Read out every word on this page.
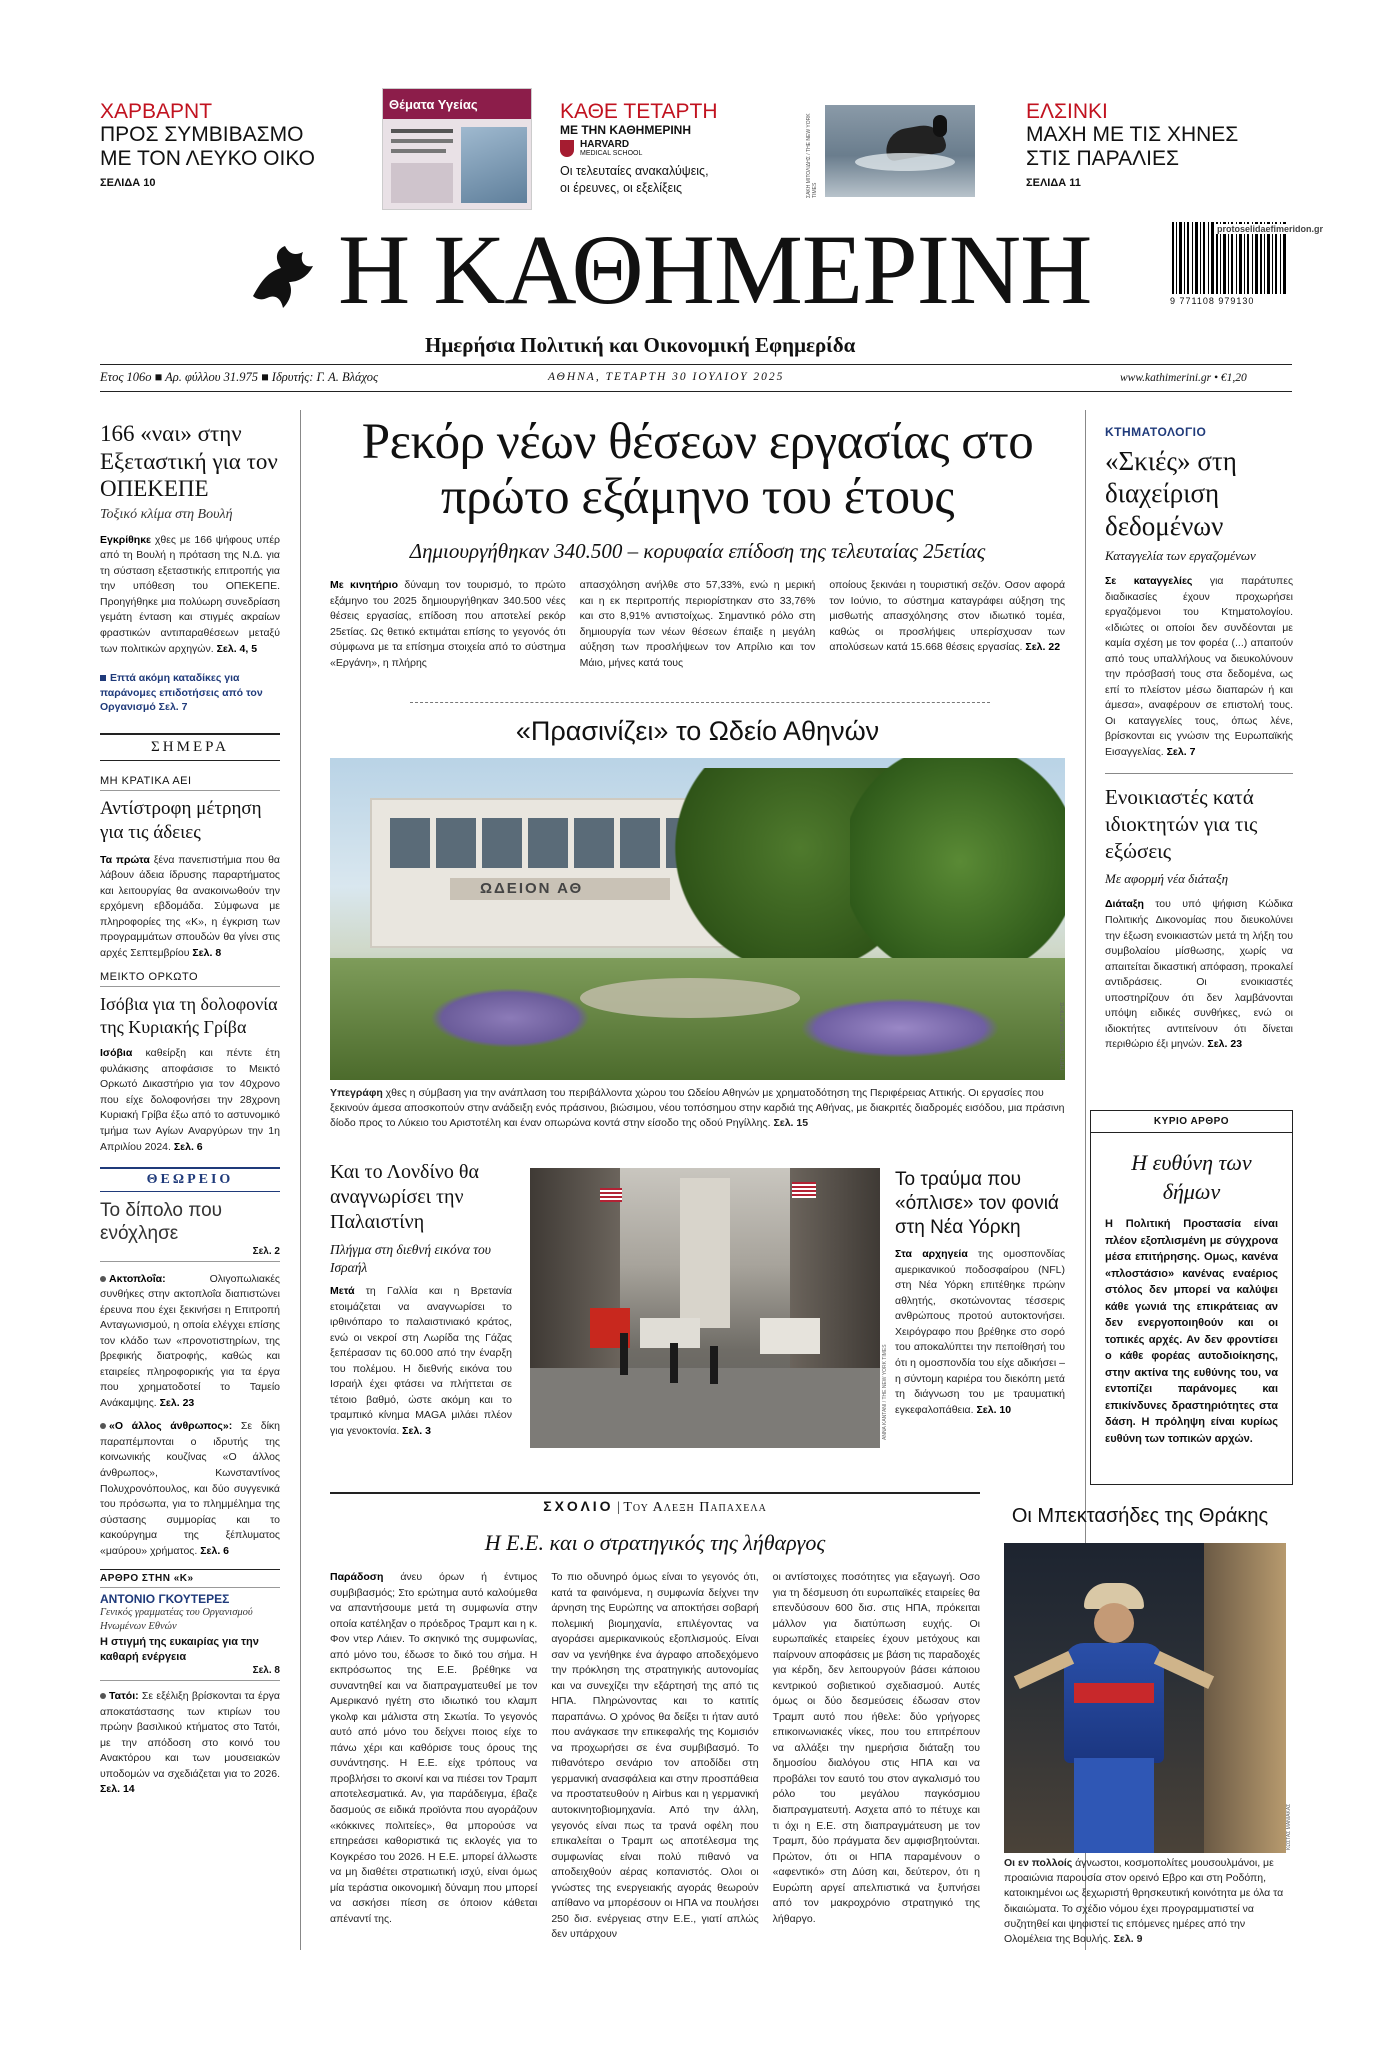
ΧΑΡΒΑΡΝΤ
ΠΡΟΣ ΣΥΜΒΙΒΑΣΜΟ
ΜΕ ΤΟΝ ΛΕΥΚΟ ΟΙΚΟ
ΣΕΛΙΔΑ 10
Θέματα Υγείας	ΚΑΘΕ ΤΕΤΑΡΤΗ
ΜΕ ΤΗΝ ΚΑΘΗΜΕΡΙΝΗ
HARVARD
MEDICAL SCHOOL
Οι τελευταίες ανακαλύψεις,
οι έρευνες, οι εξελίξεις	ΣΑΚΗ ΜΙΤΟΛΙΔΗΣ / THE NEW YORK TIMES
ΕΛΣΙΝΚΙ
ΜΑΧΗ ΜΕ ΤΙΣ ΧΗΝΕΣ
ΣΤΙΣ ΠΑΡΑΛΙΕΣ
ΣΕΛΙΔΑ 11
Η ΚΑΘΗΜΕΡΙΝΗ	9 771108 979130
protoselidaefimeridon.gr
Ημερήσια Πολιτική και Οικονομική Εφημερίδα
Ετος 106ο ■ Αρ. φύλλου 31.975 ■ Ιδρυτής: Γ. Α. Βλάχος	ΑΘΗΝΑ, ΤΕΤΑΡΤΗ 30 ΙΟΥΛΙΟΥ 2025	www.kathimerini.gr • €1,20
166 «ναι» στην Εξεταστική για τον ΟΠΕΚΕΠΕ
Τοξικό κλίμα στη Βουλή
Εγκρίθηκε χθες με 166 ψήφους υπέρ από τη Βουλή η πρόταση της Ν.Δ. για τη σύσταση εξεταστικής επιτροπής για την υπόθεση του ΟΠΕΚΕΠΕ. Προηγήθηκε μια πολύωρη συνεδρίαση γεμάτη ένταση και στιγμές ακραίων φραστικών αντιπαραθέσεων μεταξύ των πολιτικών αρχηγών. Σελ. 4, 5
Επτά ακόμη καταδίκες για παράνομες επιδοτήσεις από τον Οργανισμό Σελ. 7
ΣΗΜΕΡΑ
ΜΗ ΚΡΑΤΙΚΑ ΑΕΙ
Αντίστροφη μέτρηση για τις άδειες
Τα πρώτα ξένα πανεπιστήμια που θα λάβουν άδεια ίδρυσης παραρτήματος και λειτουργίας θα ανακοινωθούν την ερχόμενη εβδομάδα. Σύμφωνα με πληροφορίες της «Κ», η έγκριση των προγραμμάτων σπουδών θα γίνει στις αρχές Σεπτεμβρίου Σελ. 8
ΜΕΙΚΤΟ ΟΡΚΩΤΟ
Ισόβια για τη δολοφονία της Κυριακής Γρίβα
Ισόβια καθείρξη και πέντε έτη φυλάκισης αποφάσισε το Μεικτό Ορκωτό Δικαστήριο για τον 40χρονο που είχε δολοφονήσει την 28χρονη Κυριακή Γρίβα έξω από το αστυνομικό τμήμα των Αγίων Αναργύρων την 1η Απριλίου 2024. Σελ. 6
ΘΕΩΡΕΙΟ
Το δίπολο που ενόχλησε
Σελ. 2
Ακτοπλοΐα:	Ολιγοπωλιακές συνθήκες στην ακτοπλοΐα διαπιστώνει έρευνα που έχει ξεκινήσει η Επιτροπή Ανταγωνισμού, η οποία ελέγχει επίσης τον κλάδο των «προνοτιστηρίων, της βρεφικής διατροφής, καθώς και εταιρείες πληροφορικής για τα έργα που χρηματοδοτεί το Ταμείο Ανάκαμψης. Σελ. 23
«Ο άλλος άνθρωπος»: Σε δίκη παραπέμπονται ο ιδρυτής της κοινωνικής κουζίνας «Ο άλλος άνθρωπος», Κωνσταντίνος Πολυχρονόπουλος, και δύο συγγενικά του πρόσωπα, για το πλημμέλημα της σύστασης συμμορίας και το κακούργημα της ξέπλυματος «μαύρου» χρήματος. Σελ. 6
ΑΡΘΡΟ ΣΤΗΝ «Κ»
ΑΝΤΟΝΙΟ ΓΚΟΥΤΕΡΕΣ
Γενικός γραμματέας του Οργανισμού Ηνωμένων Εθνών
Η στιγμή της ευκαιρίας για την καθαρή ενέργεια
Σελ. 8
Τατόι: Σε εξέλιξη βρίσκονται τα έργα αποκατάστασης των κτιρίων του πρώην βασιλικού κτήματος στο Τατόι, με την απόδοση στο κοινό του Ανακτόρου και των μουσειακών υποδομών να σχεδιάζεται για το 2026. Σελ. 14
Ρεκόρ νέων θέσεων εργασίας στο πρώτο εξάμηνο του έτους
Δημιουργήθηκαν 340.500 – κορυφαία επίδοση της τελευταίας 25ετίας
Με κινητήριο δύναμη τον τουρισμό, το πρώτο εξάμηνο του 2025 δημιουργήθηκαν 340.500 νέες θέσεις εργασίας, επίδοση που αποτελεί ρεκόρ 25ετίας. Ως θετικό εκτιμάται επίσης το γεγονός ότι σύμφωνα με τα επίσημα στοιχεία από το σύστημα «Εργάνη», η πλήρης
απασχόληση ανήλθε στο 57,33%, ενώ η μερική και η εκ περιτροπής περιορίστηκαν στο 33,76% και στο 8,91% αντιστοίχως. Σημαντικό ρόλο στη δημιουργία των νέων θέσεων έπαιξε η μεγάλη αύξηση των προσλήψεων τον Απρίλιο και τον Μάιο, μήνες κατά τους
οποίους ξεκινάει η τουριστική σεζόν. Οσον αφορά τον Ιούνιο, το σύστημα καταγράφει αύξηση της μισθωτής απασχόλησης στον ιδιωτικό τομέα, καθώς οι προσλήψεις υπερίσχυσαν των απολύσεων κατά 15.668 θέσεις εργασίας. Σελ. 22
«Πρασινίζει» το Ωδείο Αθηνών
ΩΔΕΙΟΝ ΑΘ
ΠΗΓΗ: ΠΕΡΙΦΕΡΕΙΑ ΑΤΤΙΚΗΣ
Υπεγράφη χθες η σύμβαση για την ανάπλαση του περιβάλλοντα χώρου του Ωδείου Αθηνών με χρηματοδότηση της Περιφέρειας Αττικής. Οι εργασίες που ξεκινούν άμεσα αποσκοπούν στην ανάδειξη ενός πράσινου, βιώσιμου, νέου τοπόσημου στην καρδιά της Αθήνας, με διακριτές διαδρομές εισόδου, μια πράσινη δίοδο προς το Λύκειο του Αριστοτέλη και έναν οπωρώνα κοντά στην είσοδο της οδού Ρηγίλλης. Σελ. 15
Και το Λονδίνο θα αναγνωρίσει την Παλαιστίνη
Πλήγμα στη διεθνή εικόνα του Ισραήλ
Μετά τη Γαλλία και η Βρετανία ετοιμάζεται να αναγνωρίσει το ιρθινόπαρο το παλαιστινιακό κράτος, ενώ οι νεκροί στη Λωρίδα της Γάζας ξεπέρασαν τις 60.000 από την έναρξη του πολέμου. Η διεθνής εικόνα του Ισραήλ έχει φτάσει να πλήττεται σε τέτοιο βαθμό, ώστε ακόμη και το τραμπικό κίνημα MAGA μιλάει πλέον για γενοκτονία. Σελ. 3	ΑΝΝΑ ΚΑΝΤΑΝΙ / THE NEW YORK TIMES
Το τραύμα που «όπλισε» τον φονιά στη Νέα Υόρκη
Στα αρχηγεία της ομοσπονδίας αμερικανικού ποδοσφαίρου (NFL) στη Νέα Υόρκη επιτέθηκε πρώην αθλητής, σκοτώνοντας τέσσερις ανθρώπους προτού αυτοκτονήσει. Χειρόγραφο που βρέθηκε στο σορό του αποκαλύπτει την πεποίθησή του ότι η ομοσπονδία του είχε αδικήσει – η σύντομη καριέρα του διεκόπη μετά τη διάγνωση του με τραυματική εγκεφαλοπάθεια. Σελ. 10
ΚΤΗΜΑΤΟΛΟΓΙΟ
«Σκιές» στη διαχείριση δεδομένων
Καταγγελία των εργαζομένων
Σε καταγγελίες για παράτυπες διαδικασίες έχουν προχωρήσει εργαζόμενοι του Κτηματολογίου. «Ιδιώτες οι οποίοι δεν συνδέονται με καμία σχέση με τον φορέα (...) απαιτούν από τους υπαλλήλους να διευκολύνουν την πρόσβασή τους στα δεδομένα, ως επί το πλείστον μέσω διαπαρών ή και άμεσα», αναφέρουν σε επιστολή τους. Οι καταγγελίες τους, όπως λένε, βρίσκονται εις γνώσιν της Ευρωπαϊκής Εισαγγελίας. Σελ. 7
Ενοικιαστές κατά ιδιοκτητών για τις εξώσεις
Με αφορμή νέα διάταξη
Διάταξη του υπό ψήφιση Κώδικα Πολιτικής Δικονομίας που διευκολύνει την έξωση ενοικιαστών μετά τη λήξη του συμβολαίου μίσθωσης, χωρίς να απαιτείται δικαστική απόφαση, προκαλεί αντιδράσεις. Οι ενοικιαστές υποστηρίζουν ότι δεν λαμβάνονται υπόψη ειδικές συνθήκες, ενώ οι ιδιοκτήτες αντιτείνουν ότι δίνεται περιθώριο έξι μηνών. Σελ. 23
ΚΥΡΙΟ ΑΡΘΡΟ
Η ευθύνη των δήμων
Η Πολιτική Προστασία είναι πλέον εξοπλισμένη με σύγχρονα μέσα επιτήρησης. Ομως, κανένα «πλοστάσιο» κανένας εναέριος στόλος δεν μπορεί να καλύψει κάθε γωνιά της επικράτειας αν δεν ενεργοποιηθούν και οι τοπικές αρχές. Αν δεν φροντίσει ο κάθε φορέας αυτοδιοίκησης, στην ακτίνα της ευθύνης του, να εντοπίζει παράνομες και επικίνδυνες δραστηριότητες στα δάση. Η πρόληψη είναι κυρίως ευθύνη των τοπικών αρχών.
ΣΧΟΛΙΟ | Του Αλεξη Παπαχελα
Η Ε.Ε. και ο στρατηγικός της λήθαργος
Παράδοση άνευ όρων ή έντιμος συμβιβασμός; Στο ερώτημα αυτό καλούμεθα να απαντήσουμε μετά τη συμφωνία στην οποία κατέληξαν ο πρόεδρος Τραμπ και η κ. Φον ντερ Λάιεν. Το σκηνικό της συμφωνίας, από μόνο του, έδωσε το δικό του σήμα. Η εκπρόσωπος της Ε.Ε. βρέθηκε να συναντηθεί και να διαπραγματευθεί με τον Αμερικανό ηγέτη στο ιδιωτικό του κλαμπ γκολφ και μάλιστα στη Σκωτία. Το γεγονός αυτό από μόνο του δείχνει ποιος είχε το πάνω χέρι και καθόρισε τους όρους της συνάντησης. Η Ε.Ε. είχε τρόπους να προβλήσει το σκοινί και να πιέσει τον Τραμπ αποτελεσματικά. Αν, για παράδειγμα, έβαζε δασμούς σε ειδικά προϊόντα που αγοράζουν «κόκκινες πολιτείες», θα μπορούσε να επηρεάσει καθοριστικά τις εκλογές για το Κογκρέσο του 2026. Η Ε.Ε. μπορεί άλλωστε να μη διαθέτει στρατιωτική ισχύ, είναι όμως μία τεράστια οικονομική δύναμη που μπορεί να ασκήσει πίεση σε όποιον κάθεται απέναντί της.
Το πιο οδυνηρό όμως είναι το γεγονός ότι, κατά τα φαινόμενα, η συμφωνία δείχνει την άρνηση της Ευρώπης να αποκτήσει σοβαρή πολεμική βιομηχανία, επιλέγοντας να αγοράσει αμερικανικούς εξοπλισμούς. Είναι σαν να γενήθηκε ένα άγραφο αποδεχόμενο την πρόκληση της στρατηγικής αυτονομίας και να συνεχίζει την εξάρτησή της από τις ΗΠΑ. Πληρώνοντας και το κατιτίς παραπάνω. Ο χρόνος θα δείξει τι ήταν αυτό που ανάγκασε την επικεφαλής της Κομισιόν να προχωρήσει σε ένα συμβιβασμό. Το πιθανότερο σενάριο τον αποδίδει στη γερμανική ανασφάλεια και στην προσπάθεια να προστατευθούν η Airbus και η γερμανική αυτοκινητοβιομηχανία. Από την άλλη, γεγονός είναι πως τα τρανά οφέλη που επικαλείται ο Τραμπ ως αποτέλεσμα της συμφωνίας είναι πολύ πιθανό να αποδειχθούν αέρας κοπανιστός. Ολοι οι γνώστες της ενεργειακής αγοράς θεωρούν απίθανο να μπορέσουν οι ΗΠΑ να πουλήσει 250 δισ. ενέργειας στην Ε.Ε., γιατί απλώς δεν υπάρχουν
οι αντίστοιχες ποσότητες για εξαγωγή. Οσο για τη δέσμευση ότι ευρωπαϊκές εταιρείες θα επενδύσουν 600 δισ. στις ΗΠΑ, πρόκειται μάλλον για διατύπωση ευχής. Οι ευρωπαϊκές εταιρείες έχουν μετόχους και παίρνουν αποφάσεις με βάση τις παραδοχές για κέρδη, δεν λειτουργούν βάσει κάποιου κεντρικού σοβιετικού σχεδιασμού. Αυτές όμως οι δύο δεσμεύσεις έδωσαν στον Τραμπ αυτό που ήθελε: δύο γρήγορες επικοινωνιακές νίκες, που του επιτρέπουν να αλλάξει την ημερήσια διάταξη του δημοσίου διαλόγου στις ΗΠΑ και να προβάλει τον εαυτό του στον αγκαλισμό του ρόλο του μεγάλου παγκόσμιου διαπραγματευτή. Ασχετα από το πέτυχε και τι όχι η Ε.Ε. στη διαπραγμάτευση με τον Τραμπ, δύο πράγματα δεν αμφισβητούνται. Πρώτον, ότι οι ΗΠΑ παραμένουν ο «αφεντικό» στη Δύση και, δεύτερον, ότι η Ευρώπη αργεί απελπιστικά να ξυπνήσει από τον μακροχρόνιο στρατηγικό της λήθαργο.
Οι Μπεκτασήδες της Θράκης
ΚΩΣΤΑΣ ΜΑΝΙΑΚΑΣ
Οι εν πολλοίς άγνωστοι, κοσμοπολίτες μουσουλμάνοι, με προαιώνια παρουσία στον ορεινό Εβρο και στη Ροδόπη, κατοικημένοι ως ξεχωριστή θρησκευτική κοινότητα με όλα τα δικαιώματα. Το σχέδιο νόμου έχει προγραμματιστεί να συζητηθεί και ψηφιστεί τις επόμενες ημέρες από την Ολομέλεια της Βουλής. Σελ. 9
